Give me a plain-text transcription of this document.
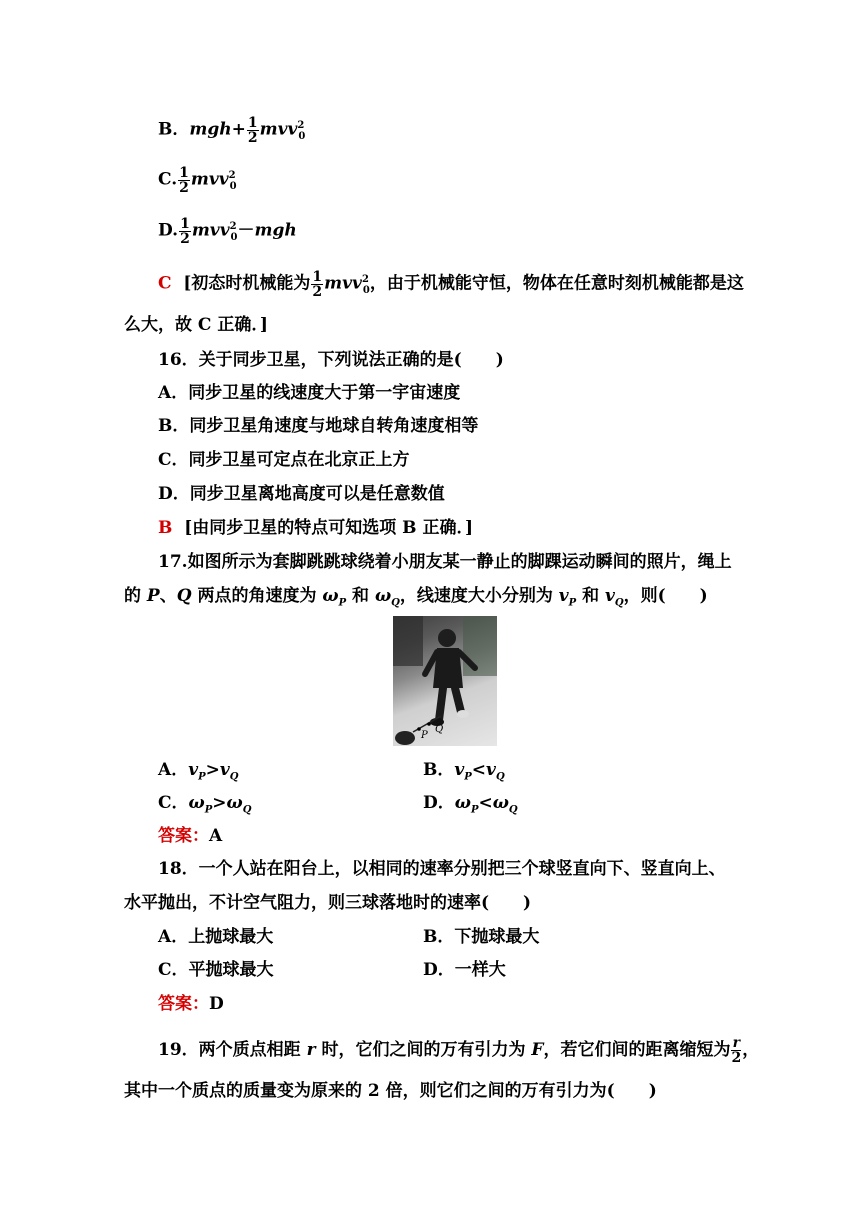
B．$mgh+ \frac{1}{2} mvv^2_0$
C. $\frac{1}{2} mvv^2_0$
D. $\frac{1}{2} mvv^2_0-mgh$
C [初态时机械能为 $\frac{1}{2} mvv^2_0$，由于机械能守恒，物体在任意时刻机械能都是这
么大，故 C 正确．]
16．关于同步卫星，下列说法正确的是(　　)
A．同步卫星的线速度大于第一宇宙速度
B．同步卫星角速度与地球自转角速度相等
C．同步卫星可定点在北京正上方
D．同步卫星离地高度可以是任意数值
B [由同步卫星的特点可知选项 B 正确．]
17.如图所示为套脚跳跳球绕着小朋友某一静止的脚踝运动瞬间的照片，绳上
的 P、Q 两点的角速度为 $\omega_P$ 和 $\omega_Q$，线速度大小分别为 $v_P$ 和 $v_Q$，则(　　)
P
Q
A．$v_P>v_Q$	B．$v_P<v_Q$
C．$\omega_P>\omega_Q$	D．$\omega_P<\omega_Q$
答案：A
18．一个人站在阳台上，以相同的速率分别把三个球竖直向下、竖直向上、
水平抛出，不计空气阻力，则三球落地时的速率(　　)
A．上抛球最大	B．下抛球最大
C．平抛球最大	D．一样大
答案：D
19．两个质点相距 r 时，它们之间的万有引力为 F，若它们间的距离缩短为 $\frac{r}{2}$ ，
其中一个质点的质量变为原来的 2 倍，则它们之间的万有引力为(　　)
